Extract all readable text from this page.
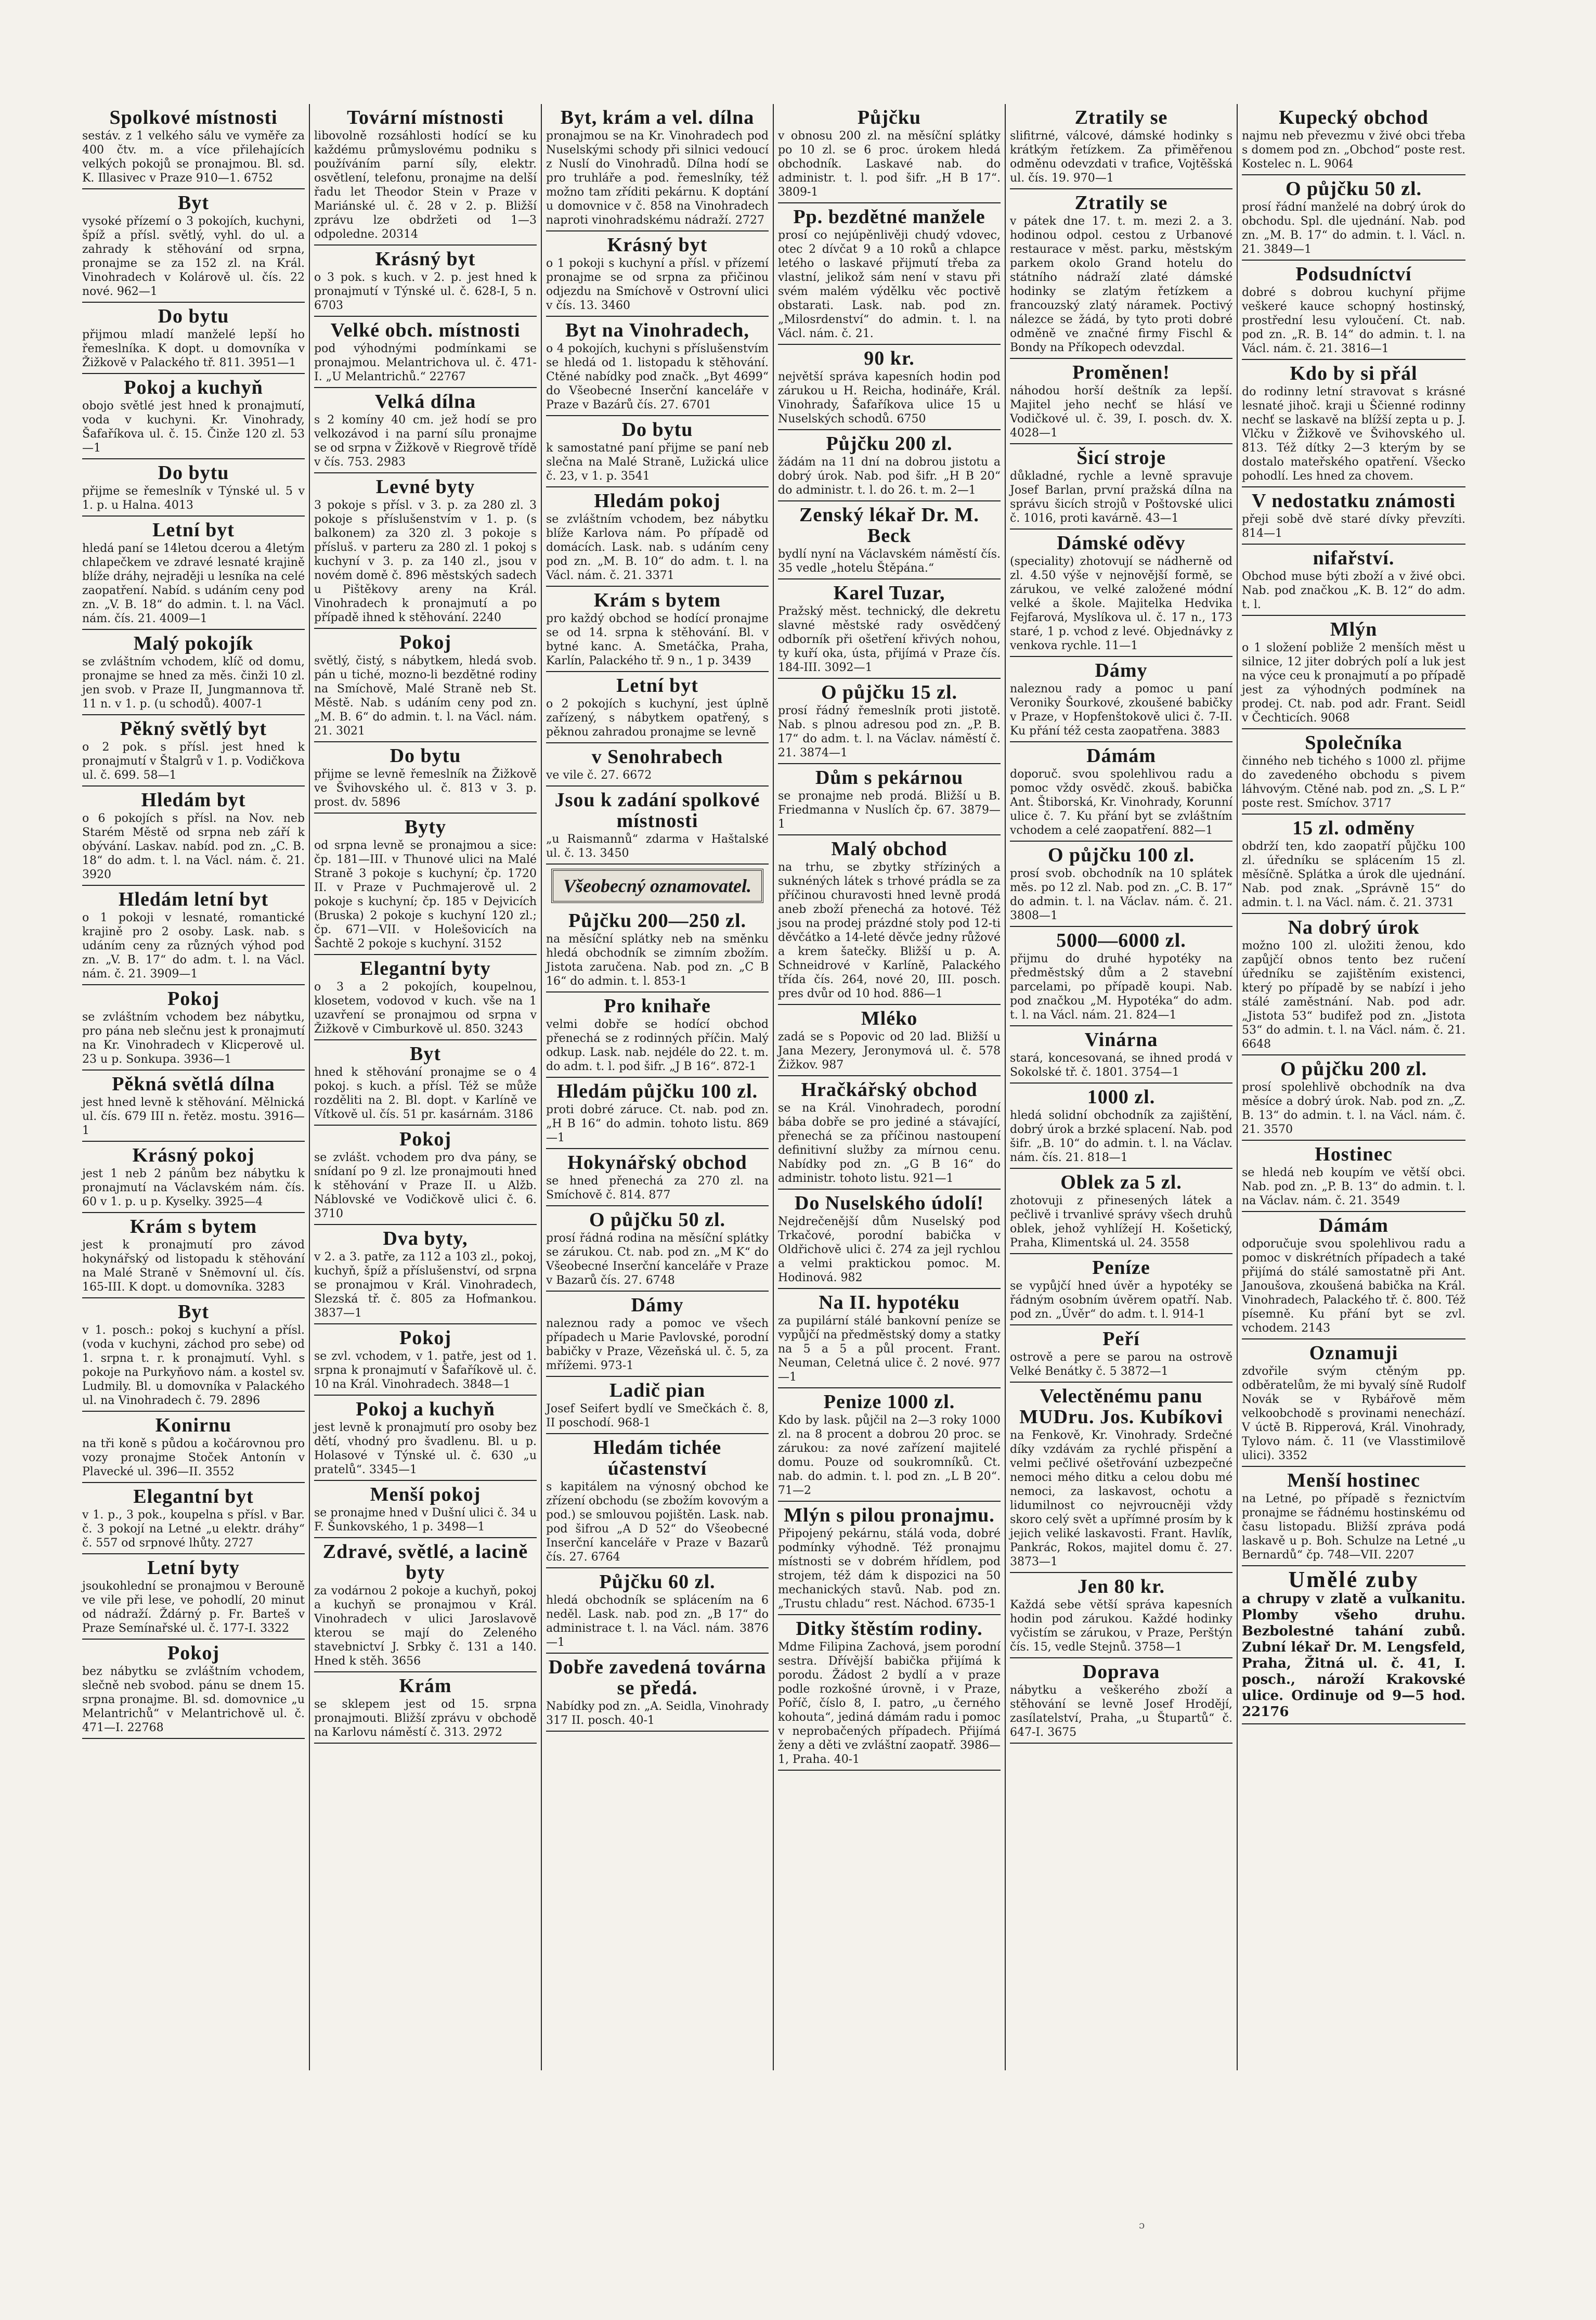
Spolkové místnosti

sestáv. z 1 velkého sálu ve vyměře za 400 čtv. m. a více přilehajících velkých pokojů se pronajmou. Bl. sd. K. Illasivec v Praze 910—1. 6752

Byt

vysoké přízemí o 3 pokojích, kuchyni, špíž a přísl. světlý, vyhl. do ul. a zahrady k stěhování od srpna, pronajme se za 152 zl. na Král. Vinohradech v Kolárově ul. čís. 22 nové. 962—1

Do bytu

přijmou mladí manželé lepší ho řemeslníka. K dopt. u domovníka v Žižkově v Palackého tř. 811. 3951—1

Pokoj a kuchyň

obojo světlé jest hned k pronajmutí, voda v kuchyni. Kr. Vinohrady, Šafaříkova ul. č. 15. Činže 120 zl. 53—1

Do bytu

přijme se řemeslník v Týnské ul. 5 v 1. p. u Halna. 4013

Letní byt

hledá paní se 14letou dcerou a 4letým chlapečkem ve zdravé lesnaté krajině blíže dráhy, nejraději u lesníka na celé zaopatření. Nabíd. s udáním ceny pod zn. „V. B. 18“ do admin. t. l. na Václ. nám. čís. 21. 4009—1

Malý pokojík

se zvláštním vchodem, klíč od domu, pronajme se hned za měs. činži 10 zl. jen svob. v Praze II, Jungmannova tř. 11 n. v 1. p. (u schodů). 4007-1

Pěkný světlý byt

o 2 pok. s přísl. jest hned k pronajmutí v Štalgrů v 1. p. Vodičkova ul. č. 699. 58—1

Hledám byt

o 6 pokojích s přísl. na Nov. neb Starém Městě od srpna neb září k obývání. Laskav. nabíd. pod zn. „C. B. 18“ do adm. t. l. na Václ. nám. č. 21. 3920

Hledám letní byt

o 1 pokoji v lesnaté, romantické krajině pro 2 osoby. Lask. nab. s udáním ceny za různých výhod pod zn. „V. B. 17“ do adm. t. l. na Václ. nám. č. 21. 3909—1

Pokoj

se zvláštním vchodem bez nábytku, pro pána neb slečnu jest k pronajmutí na Kr. Vinohradech v Klicperově ul. 23 u p. Sonkupa. 3936—1

Pěkná světlá dílna

jest hned levně k stěhování. Mělnická ul. čís. 679 III n. řetěz. mostu. 3916—1

Krásný pokoj

jest 1 neb 2 pánům bez nábytku k pronajmutí na Václavském nám. čís. 60 v 1. p. u p. Kyselky. 3925—4

Krám s bytem

jest k pronajmutí pro závod hokynářský od listopadu k stěhování na Malé Straně v Sněmovní ul. čís. 165-III. K dopt. u domovníka. 3283

Byt

v 1. posch.: pokoj s kuchyní a přísl. (voda v kuchyni, záchod pro sebe) od 1. srpna t. r. k pronajmutí. Vyhl. s pokoje na Purkyňovo nám. a kostel sv. Ludmily. Bl. u domovníka v Palackého ul. na Vinohradech č. 79. 2896

Konirnu

na tři koně s půdou a kočárovnou pro vozy pronajme Stoček Antonín v Plavecké ul. 396—II. 3552

Elegantní byt

v 1. p., 3 pok., koupelna s přísl. v Bar. č. 3 pokojí na Letné „u elektr. dráhy“ č. 557 od srpnové lhůty. 2727

Letní byty

jsoukohlední se pronajmou v Berouně ve vile při lese, ve pohodlí, 20 minut od nádraží. Ždárný p. Fr. Barteš v Praze Semínařské ul. č. 177-I. 3322

Pokoj

bez nábytku se zvláštním vchodem, slečně neb svobod. pánu se dnem 15. srpna pronajme. Bl. sd. domovnice „u Melantrichů“ v Melantrichově ul. č. 471—I. 22768

Tovární místnosti

libovolně rozsáhlosti hodící se ku každému průmyslovému podniku s používáním parní síly, elektr. osvětlení, telefonu, pronajme na delší řadu let Theodor Stein v Praze v Mariánské ul. č. 28 v 2. p. Bližší zprávu lze obdržeti od 1—3 odpoledne. 20314

Krásný byt

o 3 pok. s kuch. v 2. p. jest hned k pronajmutí v Týnské ul. č. 628-I, 5 n. 6703

Velké obch. místnosti

pod výhodnými podmínkami se pronajmou. Melantrichova ul. č. 471-I. „U Melantrichů.“ 22767

Velká dílna

s 2 komíny 40 cm. jež hodí se pro velkozávod i na parní sílu pronajme se od srpna v Žižkově v Riegrově třídě v čís. 753. 2983

Levné byty

3 pokoje s přísl. v 3. p. za 280 zl. 3 pokoje s příslušenstvím v 1. p. (s balkonem) za 320 zl. 3 pokoje s přísluš. v parteru za 280 zl. 1 pokoj s kuchyní v 3. p. za 140 zl., jsou v novém domě č. 896 městských sadech u Pištěkovy areny na Král. Vinohradech k pronajmutí a po případě ihned k stěhování. 2240

Pokoj

světlý, čistý, s nábytkem, hledá svob. pán u tiché, mozno-li bezdětné rodiny na Smíchově, Malé Straně neb St. Městě. Nab. s udáním ceny pod zn. „M. B. 6“ do admin. t. l. na Václ. nám. 21. 3021

Do bytu

přijme se levně řemeslník na Žižkově ve Švihovského ul. č. 813 v 3. p. prost. dv. 5896

Byty

od srpna levně se pronajmou a sice: čp. 181—III. v Thunové ulici na Malé Straně 3 pokoje s kuchyní; čp. 1720 II. v Praze v Puchmajerově ul. 2 pokoje s kuchyní; čp. 185 v Dejvicích (Bruska) 2 pokoje s kuchyní 120 zl.; čp. 671—VII. v Holešovicích na Šachtě 2 pokoje s kuchyní. 3152

Elegantní byty

o 3 a 2 pokojích, koupelnou, klosetem, vodovod v kuch. vše na 1 uzavření se pronajmou od srpna v Žižkově v Cimburkově ul. 850. 3243

Byt

hned k stěhování pronajme se o 4 pokoj. s kuch. a přísl. Též se může rozděliti na 2. Bl. dopt. v Karlíně ve Vítkově ul. čís. 51 pr. kasárnám. 3186

Pokoj

se zvlášt. vchodem pro dva pány, se snídaní po 9 zl. lze pronajmouti hned k stěhování v Praze II. u Alžb. Náblovské ve Vodičkově ulici č. 6. 3710

Dva byty,

v 2. a 3. patře, za 112 a 103 zl., pokoj, kuchyň, špíž a příslušenství, od srpna se pronajmou v Král. Vinohradech, Slezská tř. č. 805 za Hofmankou. 3837—1

Pokoj

se zvl. vchodem, v 1. patře, jest od 1. srpna k pronajmutí v Šafaříkově ul. č. 10 na Král. Vinohradech. 3848—1

Pokoj a kuchyň

jest levně k pronajmutí pro osoby bez dětí, vhodný pro švadlenu. Bl. u p. Holasové v Týnské ul. č. 630 „u pratelů“. 3345—1

Menší pokoj

se pronajme hned v Dušní ulici č. 34 u F. Šunkovského, 1 p. 3498—1

Zdravé, světlé, a lacině byty

za vodárnou 2 pokoje a kuchyň, pokoj a kuchyň se pronajmou v Král. Vinohradech v ulici Jaroslavově kterou se mají do Zeleného stavebnictví J. Srbky č. 131 a 140. Hned k stěh. 3656

Krám

se sklepem jest od 15. srpna pronajmouti. Bližší zprávu v obchodě na Karlovu náměstí č. 313. 2972

Byt, krám a vel. dílna

pronajmou se na Kr. Vinohradech pod Nuselskými schody při silnici vedoucí z Nuslí do Vinohradů. Dílna hodí se pro truhláře a pod. řemeslníky, též možno tam zříditi pekárnu. K doptání u domovnice v č. 858 na Vinohradech naproti vinohradskému nádraží. 2727

Krásný byt

o 1 pokoji s kuchyní a přísl. v přízemí pronajme se od srpna za přičinou odjezdu na Smíchově v Ostrovní ulici v čís. 13. 3460

Byt na Vinohradech,

o 4 pokojích, kuchyni s příslušenstvím se hledá od 1. listopadu k stěhování. Ctěné nabídky pod značk. „Byt 4699“ do Všeobecné Inserční kanceláře v Praze v Bazárů čís. 27. 6701

Do bytu

k samostatné paní přijme se paní neb slečna na Malé Straně, Lužická ulice č. 23, v 1. p. 3541

Hledám pokoj

se zvláštním vchodem, bez nábytku blíže Karlova nám. Po případě od domácích. Lask. nab. s udáním ceny pod zn. „M. B. 10“ do adm. t. l. na Václ. nám. č. 21. 3371

Krám s bytem

pro každý obchod se hodící pronajme se od 14. srpna k stěhování. Bl. v bytné kanc. A. Smetáčka, Praha, Karlín, Palackého tř. 9 n., 1 p. 3439

Letní byt

o 2 pokojích s kuchyní, jest úplně zařízený, s nábytkem opatřený, s pěknou zahradou pronajme se levně

v Senohrabech

ve vile č. 27. 6672

Jsou k zadání spolkové místnosti

„u Raismannů“ zdarma v Haštalské ul. č. 13. 3450

Všeobecný oznamovatel.
Půjčku 200—250 zl.

na měsíční splátky neb na směnku hledá obchodník se zimním zbožím. Jistota zaručena. Nab. pod zn. „C B 16“ do admin. t. l. 853-1

Pro knihaře

velmi dobře se hodící obchod přenechá se z rodinných příčin. Malý odkup. Lask. nab. nejdéle do 22. t. m. do adm. t. l. pod šifr. „J B 16“. 872-1

Hledám půjčku 100 zl.

proti dobré záruce. Ct. nab. pod zn. „H B 16“ do admin. tohoto listu. 869—1

Hokynářský obchod

se hned přenechá za 270 zl. na Smíchově č. 814. 877

O půjčku 50 zl.

prosí řádná rodina na měsíční splátky se zárukou. Ct. nab. pod zn. „M K“ do Všeobecné Inserční kanceláře v Praze v Bazarů čís. 27. 6748

Dámy

naleznou rady a pomoc ve všech případech u Marie Pavlovské, porodní babičky v Praze, Vězeňská ul. č. 5, za mřížemi. 973-1

Ladič pian

Josef Seifert bydlí ve Smečkách č. 8, II poschodí. 968-1

Hledám tichée účastenství

s kapitálem na výnosný obchod ke zřízení obchodu (se zbožím kovovým a pod.) se smlouvou pojištěn. Lask. nab. pod šifrou „A D 52“ do Všeobecné Inserční kanceláře v Praze v Bazarů čís. 27. 6764

Půjčku 60 zl.

hledá obchodník se splácením na 6 neděl. Lask. nab. pod zn. „B 17“ do administrace t. l. na Václ. nám. 3876—1

Dobře zavedená továrna se předá.

Nabídky pod zn. „A. Seidla, Vinohrady 317 II. posch. 40-1

Půjčku

v obnosu 200 zl. na měsíční splátky po 10 zl. se 6 proc. úrokem hledá obchodník. Laskavé nab. do administr. t. l. pod šifr. „H B 17“. 3809-1

Pp. bezdětné manžele

prosí co nejúpěnlivěji chudý vdovec, otec 2 dívčat 9 a 10 roků a chlapce letého o laskavé přijmutí třeba za vlastní, jelikož sám není v stavu při svém malém výdělku věc poctivě obstarati. Lask. nab. pod zn. „Milosrdenství“ do admin. t. l. na Václ. nám. č. 21.

90 kr.

největší správa kapesních hodin pod zárukou u H. Reicha, hodináře, Král. Vinohrady, Šafaříkova ulice 15 u Nuselských schodů. 6750

Půjčku 200 zl.

žádám na 11 dní na dobrou jistotu a dobrý úrok. Nab. pod šifr. „H B 20“ do administr. t. l. do 26. t. m. 2—1

Zenský lékař Dr. M. Beck

bydlí nyní na Václavském náměstí čís. 35 vedle „hotelu Štěpána.“

Karel Tuzar,

Pražský měst. technický, dle dekretu slavné městské rady osvědčený odborník při ošetření křivých nohou, ty kuří oka, ústa, přijímá v Praze čís. 184-III. 3092—1

O půjčku 15 zl.

prosí řádný řemeslník proti jistotě. Nab. s plnou adresou pod zn. „P. B. 17“ do adm. t. l. na Václav. náměstí č. 21. 3874—1

Dům s pekárnou

se pronajme neb prodá. Bližší u B. Friedmanna v Nuslích čp. 67. 3879—1

Malý obchod

na trhu, se zbytky stříziných a suknéných látek s trhové prádla se za příčinou churavosti hned levně prodá aneb zboží přenechá za hotové. Též jsou na prodej prázdné stoly pod 12-ti děvčátko a 14-leté děvče jedny růžové a krem šatečky. Bližší u p. A. Schneidrové v Karlíně, Palackého třída čís. 264, nové 20, III. posch. pres dvůr od 10 hod. 886—1

Mléko

zadá se s Popovic od 20 lad. Bližší u Jana Mezery, Jeronymová ul. č. 578 Žižkov. 987

Hračkářský obchod

se na Král. Vinohradech, porodní bába dobře se pro jediné a stávající, přenechá se za příčinou nastoupení definitivní služby za mírnou cenu. Nabídky pod zn. „G B 16“ do administr. tohoto listu. 921—1

Do Nuselského údolí!

Nejdrečenější dům Nuselský pod Trkačové, porodní babička v Oldřichově ulici č. 274 za jejl rychlou a velmi praktickou pomoc. M. Hodinová. 982

Na II. hypotéku

za pupilární stálé bankovní peníze se vypůjčí na předměstský domy a statky na 5 a 5 a půl procent. Frant. Neuman, Celetná ulice č. 2 nové. 977—1

Penize 1000 zl.

Kdo by lask. půjčil na 2—3 roky 1000 zl. na 8 procent a dobrou 20 proc. se zárukou: za nové zařízení majitelé domu. Pouze od soukromníků. Ct. nab. do admin. t. l. pod zn. „L B 20“. 71—2

Mlýn s pilou pronajmu.

Připojený pekárnu, stálá voda, dobré podmínky výhodně. Též pronajmu místnosti se v dobrém hřídlem, pod strojem, též dám k dispozici na 50 mechanických stavů. Nab. pod zn. „Trustu chladu“ rest. Náchod. 6735-1

Ditky štěstím rodiny.

Mdme Filipina Zachová, jsem porodní sestra. Dřívější babička přijímá k porodu. Žádost 2 bydlí a v praze podle rozkošné úrovně, i v Praze, Poříč, číslo 8, I. patro, „u černého kohouta“, jediná dámám radu i pomoc v neprobačených případech. Přijímá ženy a děti ve zvláštní zaopatř. 3986—1, Praha. 40-1

Ztratily se

slifitrné, válcové, dámské hodinky s krátkým řetízkem. Za přiměřenou odměnu odevzdati v trafice, Vojtěšská ul. čís. 19. 970—1

Ztratily se

v pátek dne 17. t. m. mezi 2. a 3. hodinou odpol. cestou z Urbanové restaurace v měst. parku, městským parkem okolo Grand hotelu do státního nádraží zlaté dámské hodinky se zlatým řetízkem a francouzský zlatý náramek. Poctivý nálezce se žádá, by tyto proti dobré odměně ve značné firmy Fischl & Bondy na Příkopech odevzdal.

Proměnen!

náhodou horší deštník za lepší. Majitel jeho nechť se hlásí ve Vodičkové ul. č. 39, I. posch. dv. X. 4028—1

Šicí stroje

důkladné, rychle a levně spravuje Josef Barlan, první pražská dílna na správu šicích strojů v Poštovské ulici č. 1016, proti kavárně. 43—1

Dámské oděvy

(speciality) zhotovují se nádherně od zl. 4.50 výše v nejnovější formě, se zárukou, ve velké založené módní velké a škole. Majitelka Hedvika Fejfarová, Myslíkova ul. č. 17 n., 173 staré, 1 p. vchod z levé. Objednávky z venkova rychle. 11—1

Dámy

naleznou rady a pomoc u paní Veroniky Šourkové, zkoušené babičky v Praze, v Hopfenštokově ulici č. 7-II. Ku přání též cesta zaopatřena. 3883

Dámám

doporuč. svou spolehlivou radu a pomoc vždy osvědč. zkouš. babička Ant. Štiborská, Kr. Vinohrady, Korunní ulice č. 7. Ku přání byt se zvláštním vchodem a celé zaopatření. 882—1

O půjčku 100 zl.

prosí svob. obchodník na 10 splátek měs. po 12 zl. Nab. pod zn. „C. B. 17“ do admin. t. l. na Václav. nám. č. 21. 3808—1

5000—6000 zl.

přijmu do druhé hypotéky na předměstský dům a 2 stavební parcelami, po případě koupi. Nab. pod značkou „M. Hypotéka“ do adm. t. l. na Václ. nám. 21. 824—1

Vinárna

stará, koncesovaná, se ihned prodá v Sokolské tř. č. 1801. 3754—1

1000 zl.

hledá solidní obchodník za zajištění, dobrý úrok a brzké splacení. Nab. pod šifr. „B. 10“ do admin. t. l. na Václav. nám. čís. 21. 818—1

Oblek za 5 zl.

zhotovuji z přinesených látek a pečlivě i trvanlivé správy všech druhů oblek, jehož vyhlížejí H. Košetický, Praha, Klimentská ul. 24. 3558

Peníze

se vypůjčí hned úvěr a hypotéky se řádným osobním úvěrem opatří. Nab. pod zn. „Úvěr“ do adm. t. l. 914-1

Peří

ostrově a pere se parou na ostrově Velké Benátky č. 5 3872—1

Velectěnému panu MUDru. Jos. Kubíkovi

na Fenkově, Kr. Vinohrady. Srdečné díky vzdávám za rychlé přispění a velmi pečlivé ošetřování uzbezpečné nemoci mého ditku a celou dobu mé nemoci, za laskavost, ochotu a lidumilnost co nejvroucněji vždy skoro celý svět a upřímné prosím by k jejich veliké laskavosti. Frant. Havlík, Pankrác, Rokos, majitel domu č. 27. 3873—1

Jen 80 kr.

Každá sebe větší správa kapesních hodin pod zárukou. Každé hodinky vyčistím se zárukou, v Praze, Perštýn čís. 15, vedle Stejnů. 3758—1

Doprava

nábytku a veškerého zboží a stěhování se levně Josef Hrodějí, zasílatelství, Praha, „u Štupartů“ č. 647-I. 3675

Kupecký obchod

najmu neb převezmu v živé obci třeba s domem pod zn. „Obchod“ poste rest. Kostelec n. L. 9064

O půjčku 50 zl.

prosí řádní manželé na dobrý úrok do obchodu. Spl. dle ujednání. Nab. pod zn. „M. B. 17“ do admin. t. l. Václ. n. 21. 3849—1

Podsudníctví

dobré s dobrou kuchyní přijme veškeré kauce schopný hostinský, prostřední lesu vyloučení. Ct. nab. pod zn. „R. B. 14“ do admin. t. l. na Václ. nám. č. 21. 3816—1

Kdo by si přál

do rodinny letní stravovat s krásné lesnaté jihoč. kraji u Ščienné rodinny nechť se laskavě na blížší zepta u p. J. Vlčku v Žižkově ve Švihovského ul. 813. Též dítky 2—3 kterým by se dostalo mateřského opatření. Všecko pohodlí. Les hned za chovem.

V nedostatku známosti

přeji sobě dvě staré dívky převzíti. 814—1

nifařství.

Obchod muse býti zboží a v živé obci. Nab. pod značkou „K. B. 12“ do adm. t. l.

Mlýn

o 1 složení pobliže 2 menších měst u silnice, 12 jiter dobrých polí a luk jest na výce ceu k pronajmutí a po případě jest za výhodných podmínek na prodej. Ct. nab. pod adr. Frant. Seidl v Čechticích. 9068

Společníka

činného neb tichého s 1000 zl. přijme do zavedeného obchodu s pivem láhvovým. Ctěné nab. pod zn. „S. L P.“ poste rest. Smíchov. 3717

15 zl. odměny

obdrží ten, kdo zaopatří půjčku 100 zl. úředníku se splácením 15 zl. měsíčně. Splátka a úrok dle ujednání. Nab. pod znak. „Správně 15“ do admin. t. l. na Václ. nám. č. 21. 3731

Na dobrý úrok

možno 100 zl. uložiti ženou, kdo zapůjčí obnos tento bez ručení úředníku se zajištěním existenci, který po případě by se nabízí i jeho stálé zaměstnání. Nab. pod adr. „Jistota 53“ budifež pod zn. „Jistota 53“ do admin. t. l. na Václ. nám. č. 21. 6648

O půjčku 200 zl.

prosí spolehlivě obchodník na dva měsíce a dobrý úrok. Nab. pod zn. „Z. B. 13“ do admin. t. l. na Václ. nám. č. 21. 3570

Hostinec

se hledá neb koupím ve větší obci. Nab. pod zn. „P. B. 13“ do admin. t. l. na Václav. nám. č. 21. 3549

Dámám

odporučuje svou spolehlivou radu a pomoc v diskrétních případech a také přijímá do stálé samostatně při Ant. Janoušova, zkoušená babička na Král. Vinohradech, Palackého tř. č. 800. Též písemně. Ku přání byt se zvl. vchodem. 2143

Oznamuji

zdvořile svým ctěným pp. odběratelům, že mi byvalý síně Rudolf Novák se v Rybářově měm velkoobchodě s provinami nenechází. V úctě B. Ripperová, Král. Vinohrady, Tylovo nám. č. 11 (ve Vlasstimilově ulici). 3352

Menší hostinec

na Letné, po případě s řeznictvím pronajme se řádnému hostinskému od času listopadu. Bližší zpráva podá laskavě u p. Boh. Schulze na Letné „u Bernardů“ čp. 748—VII. 2207

Umělé zuby

a chrupy v zlatě a vulkanitu. Plomby všeho druhu. Bezbolestné tahání zubů. Zubní lékař Dr. M. Lengsfeld, Praha, Žitná ul. č. 41, I. posch., nároží Krakovské ulice. Ordinuje od 9—5 hod. 22176

ɔ
